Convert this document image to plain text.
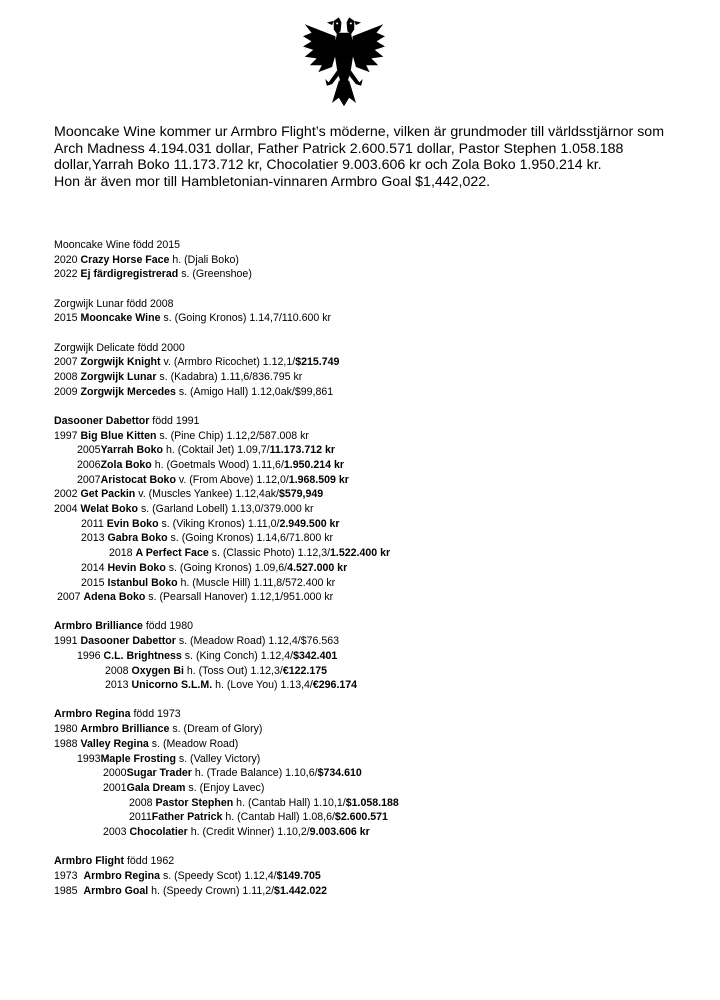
Mooncake Wine kommer ur Armbro Flight’s möderne, vilken är grundmoder till världsstjärnor som Arch Madness 4.194.031 dollar, Father Patrick 2.600.571 dollar, Pastor Stephen 1.058.188 dollar,Yarrah Boko 11.173.712 kr, Chocolatier 9.003.606 kr och Zola Boko 1.950.214 kr.

Hon är även mor till Hambletonian-vinnaren Armbro Goal $1,442,022.

Mooncake Wine född 2015
2020 Crazy Horse Face h. (Djali Boko)
2022 Ej färdigregistrerad s. (Greenshoe)
Zorgwijk Lunar född 2008
2015 Mooncake Wine s. (Going Kronos) 1.14,7/110.600 kr
Zorgwijk Delicate född 2000
2007 Zorgwijk Knight v. (Armbro Ricochet) 1.12,1/$215.749
2008 Zorgwijk Lunar s. (Kadabra) 1.11,6/836.795 kr
2009 Zorgwijk Mercedes s. (Amigo Hall) 1.12,0ak/$99,861
Dasooner Dabettor född 1991
1997 Big Blue Kitten s. (Pine Chip) 1.12,2/587.008 kr
2005Yarrah Boko h. (Coktail Jet) 1.09,7/11.173.712 kr
2006Zola Boko h. (Goetmals Wood) 1.11,6/1.950.214 kr
2007Aristocat Boko v. (From Above) 1.12,0/1.968.509 kr
2002 Get Packin v. (Muscles Yankee) 1.12,4ak/$579,949
2004 Welat Boko s. (Garland Lobell) 1.13,0/379.000 kr
2011 Evin Boko s. (Viking Kronos) 1.11,0/2.949.500 kr
2013 Gabra Boko s. (Going Kronos) 1.14,6/71.800 kr
2018 A Perfect Face s. (Classic Photo) 1.12,3/1.522.400 kr
2014 Hevin Boko s. (Going Kronos) 1.09,6/4.527.000 kr
2015 Istanbul Boko h. (Muscle Hill) 1.11,8/572.400 kr
2007 Adena Boko s. (Pearsall Hanover) 1.12,1/951.000 kr
Armbro Brilliance född 1980
1991 Dasooner Dabettor s. (Meadow Road) 1.12,4/$76.563
1996 C.L. Brightness s. (King Conch) 1.12,4/$342.401
2008 Oxygen Bi h. (Toss Out) 1.12,3/€122.175
2013 Unicorno S.L.M. h. (Love You) 1.13,4/€296.174
Armbro Regina född 1973
1980 Armbro Brilliance s. (Dream of Glory)
1988 Valley Regina s. (Meadow Road)
1993Maple Frosting s. (Valley Victory)
2000Sugar Trader h. (Trade Balance) 1.10,6/$734.610
2001Gala Dream s. (Enjoy Lavec)
2008 Pastor Stephen h. (Cantab Hall) 1.10,1/$1.058.188
2011Father Patrick h. (Cantab Hall) 1.08,6/$2.600.571
2003 Chocolatier h. (Credit Winner) 1.10,2/9.003.606 kr
Armbro Flight född 1962
1973  Armbro Regina s. (Speedy Scot) 1.12,4/$149.705
1985  Armbro Goal h. (Speedy Crown) 1.11,2/$1.442.022
